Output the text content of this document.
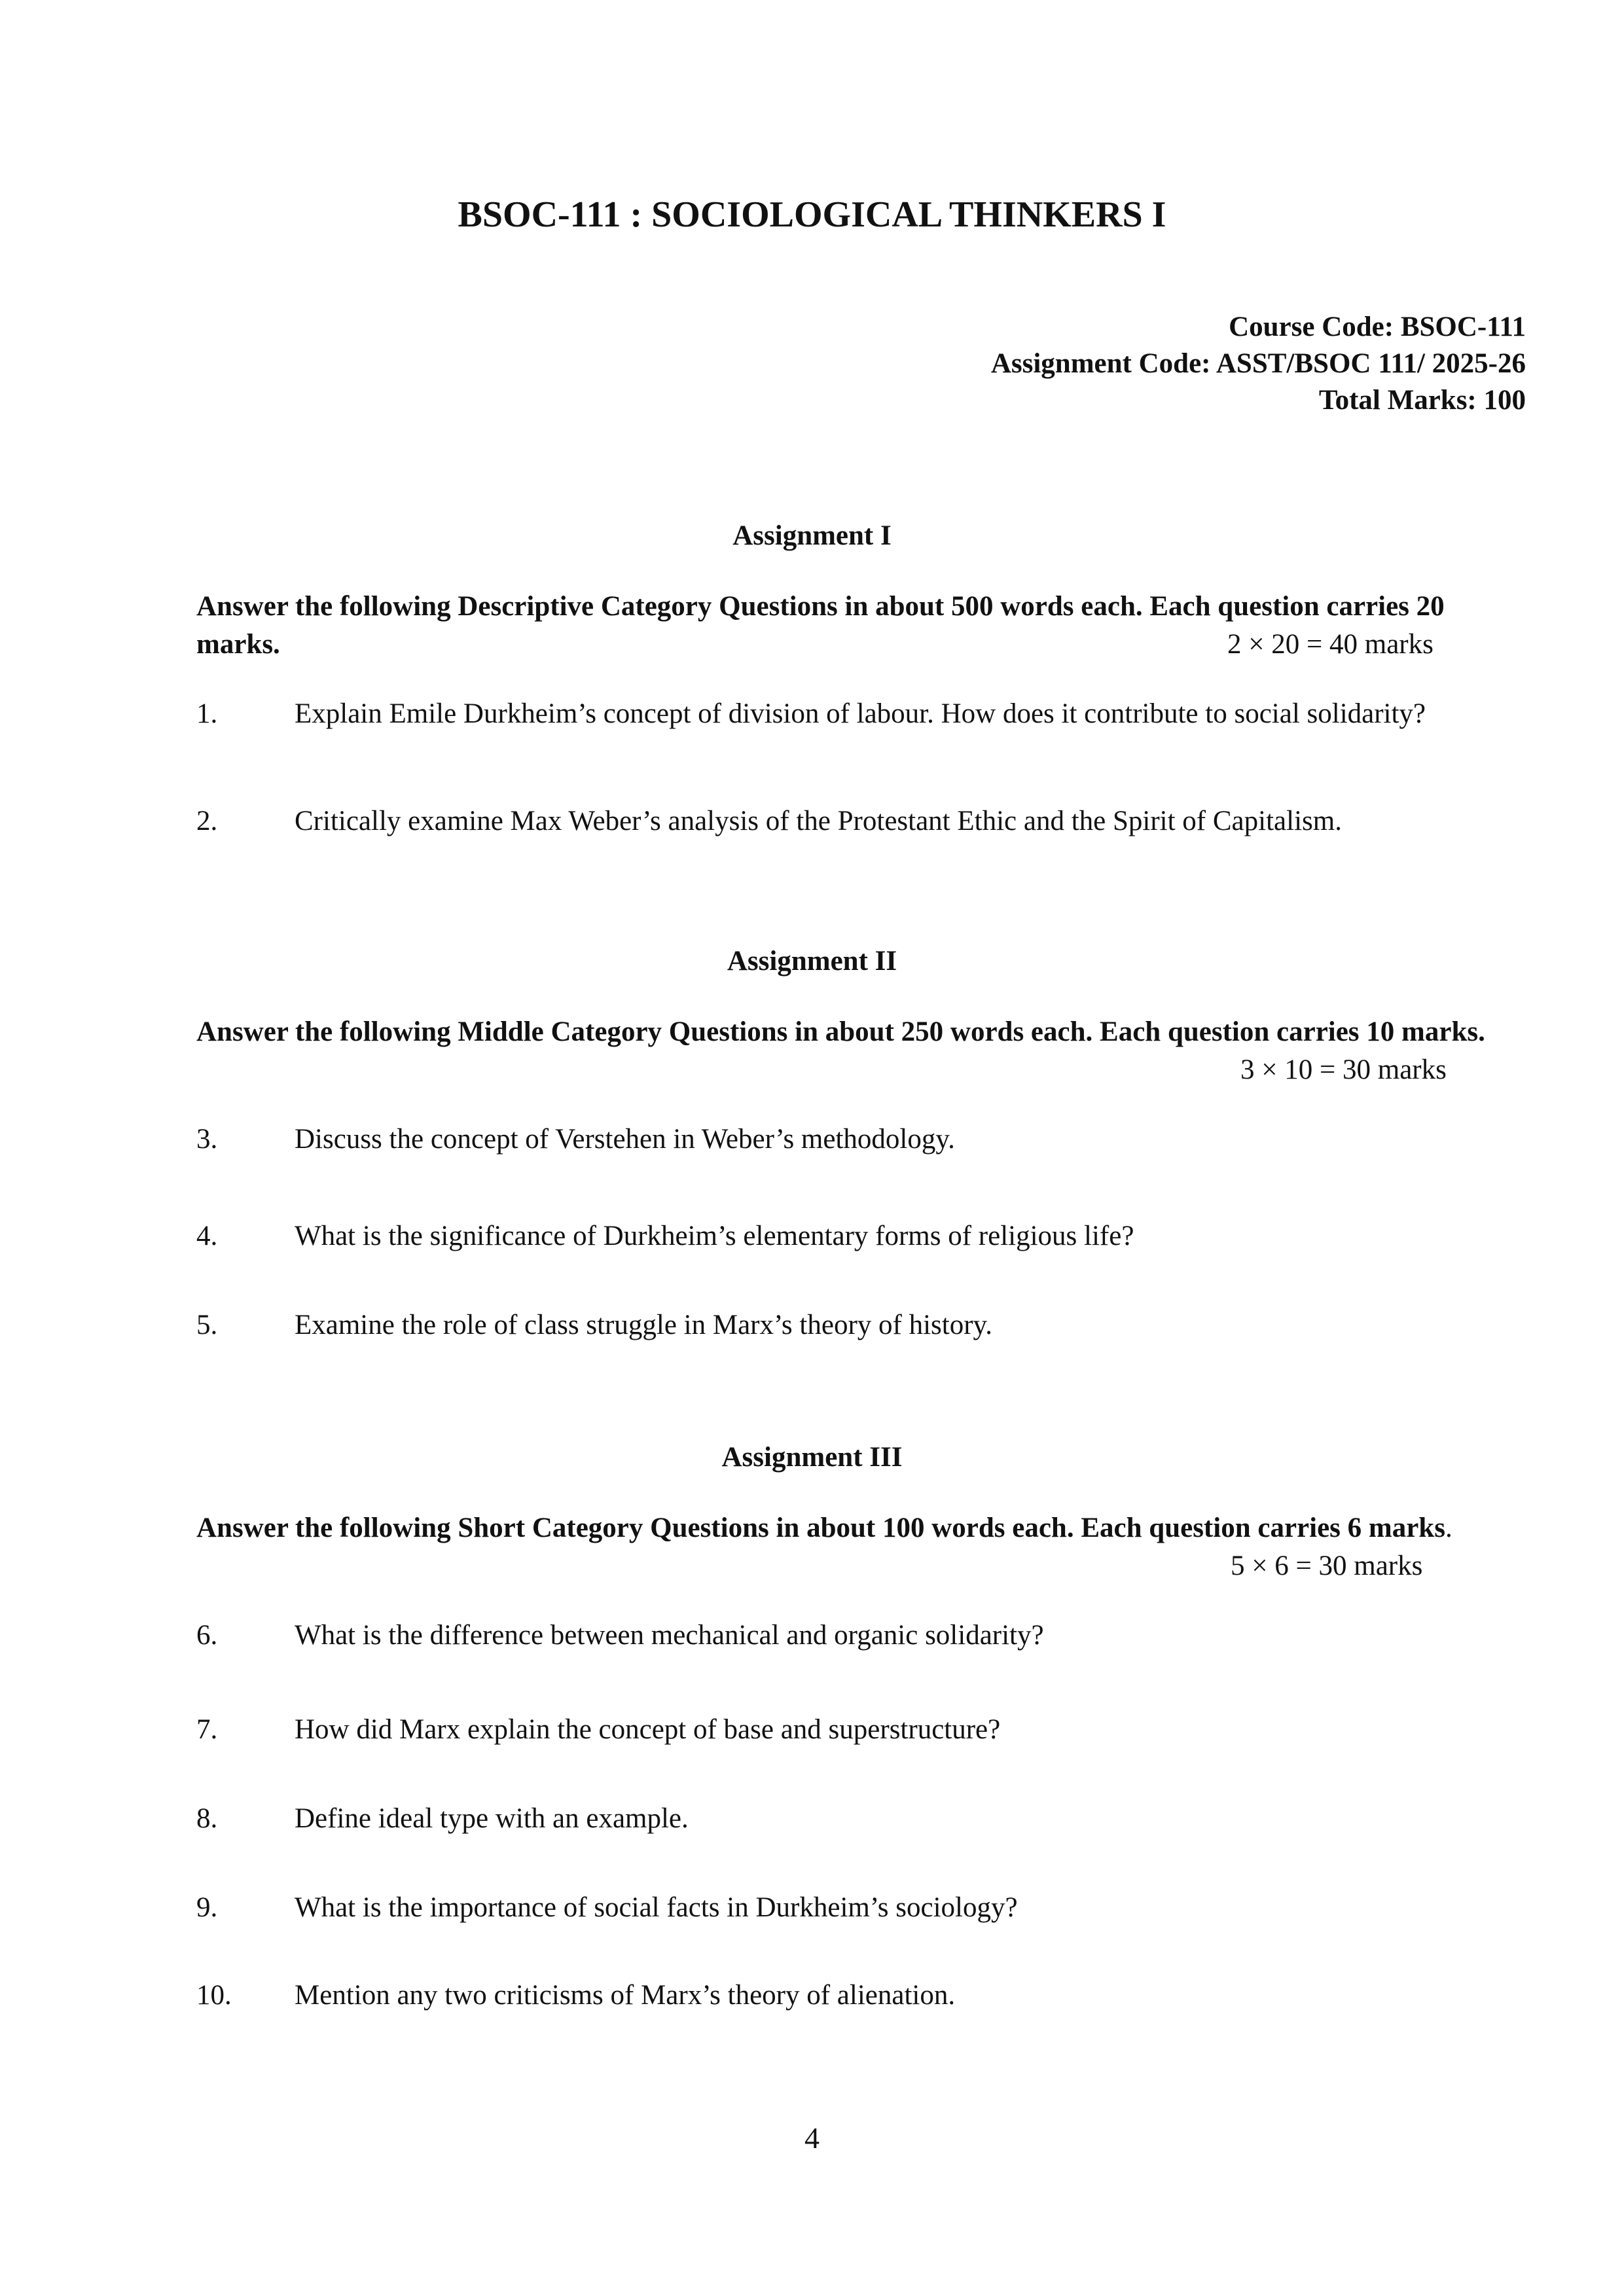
BSOC-111 : SOCIOLOGICAL THINKERS I
Course Code: BSOC-111
Assignment Code: ASST/BSOC 111/ 2025-26
Total Marks: 100
Assignment I
Answer the following Descriptive Category Questions in about 500 words each. Each question carries 20 marks.	2 × 20 = 40 marks
1.	Explain Emile Durkheim’s concept of division of labour. How does it contribute to social solidarity?
2.	Critically examine Max Weber’s analysis of the Protestant Ethic and the Spirit of Capitalism.
Assignment II
Answer the following Middle Category Questions in about 250 words each. Each question carries 10 marks.
3 × 10 = 30 marks
3.	Discuss the concept of Verstehen in Weber’s methodology.
4.	What is the significance of Durkheim’s elementary forms of religious life?
5.	Examine the role of class struggle in Marx’s theory of history.
Assignment III
Answer the following Short Category Questions in about 100 words each. Each question carries 6 marks.
5 × 6 = 30 marks
6.	What is the difference between mechanical and organic solidarity?
7.	How did Marx explain the concept of base and superstructure?
8.	Define ideal type with an example.
9.	What is the importance of social facts in Durkheim’s sociology?
10. Mention any two criticisms of Marx’s theory of alienation.
4
